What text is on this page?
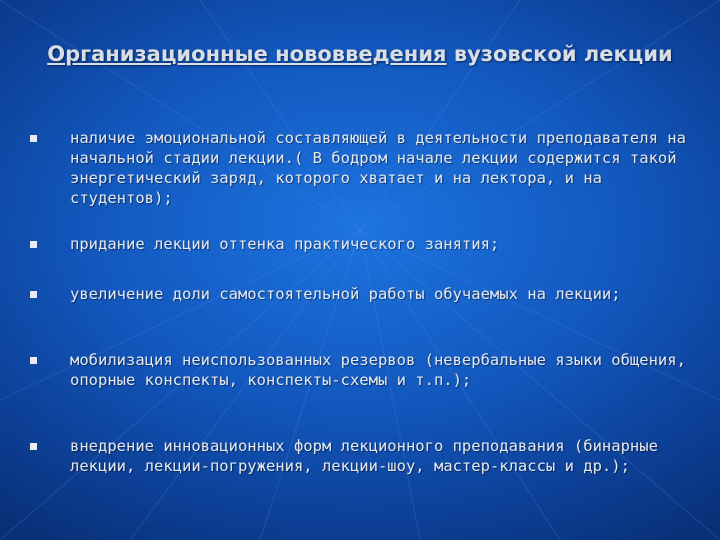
Организационные нововведения вузовской лекции
наличие эмоциональной составляющей в деятельности преподавателя на начальной стадии лекции.( В бодром начале лекции содержится такой энергетический заряд, которого хватает и на лектора, и на студентов);
придание лекции оттенка практического занятия;
увеличение доли самостоятельной работы обучаемых на лекции;
мобилизация неиспользованных резервов (невербальные языки общения, опорные конспекты, конспекты-схемы и т.п.);
внедрение инновационных форм лекционного преподавания (бинарные лекции, лекции-погружения, лекции-шоу, мастер-классы и др.);
